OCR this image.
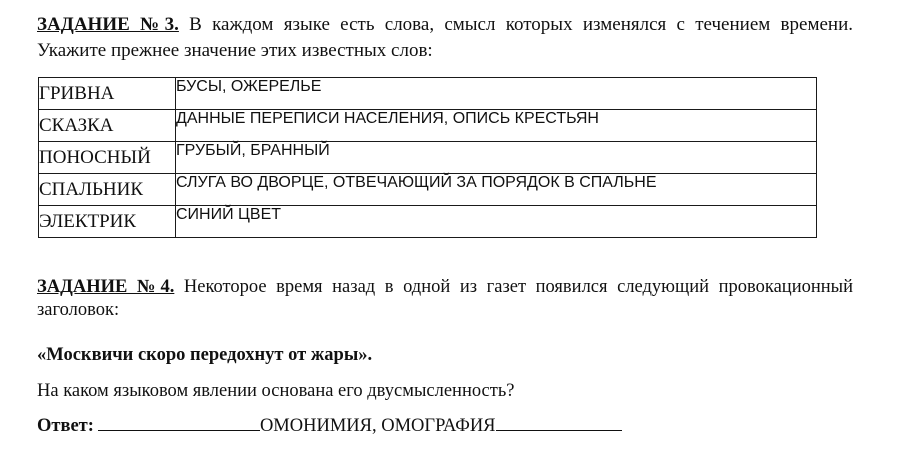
ЗАДАНИЕ №3. В каждом языке есть слова, смысл которых изменялся с течением времени. Укажите прежнее значение этих известных слов:

ГРИВНА	БУСЫ, ОЖЕРЕЛЬЕ
СКАЗКА	ДАННЫЕ ПЕРЕПИСИ НАСЕЛЕНИЯ, ОПИСЬ КРЕСТЬЯН
ПОНОСНЫЙ	ГРУБЫЙ, БРАННЫЙ
СПАЛЬНИК	СЛУГА ВО ДВОРЦЕ, ОТВЕЧАЮЩИЙ ЗА ПОРЯДОК В СПАЛЬНЕ
ЭЛЕКТРИК	СИНИЙ ЦВЕТ

ЗАДАНИЕ №4. Некоторое время назад в одной из газет появился следующий провокационный заголовок:

«Москвичи скоро передохнут от жары».
На каком языковом явлении основана его двусмысленность?
Ответ:	ОМОНИМИЯ, ОМОГРАФИЯ
